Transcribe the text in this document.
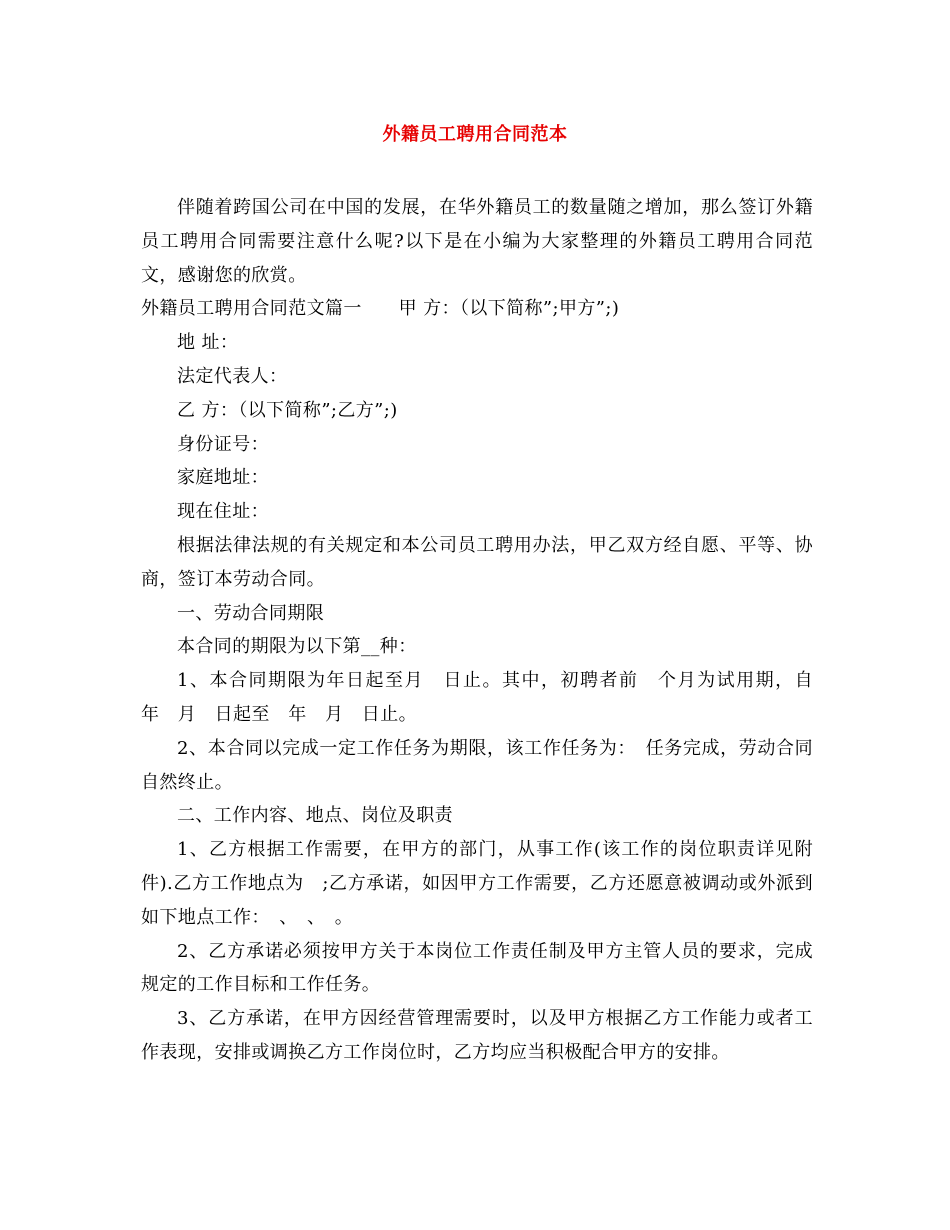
外籍员工聘用合同范本

伴随着跨国公司在中国的发展，在华外籍员工的数量随之增加，那么签订外籍员工聘用合同需要注意什么呢?以下是在小编为大家整理的外籍员工聘用合同范文，感谢您的欣赏。

外籍员工聘用合同范文篇一　　甲 方：（以下简称”;甲方”;)

地 址：

法定代表人：

乙 方：（以下简称”;乙方”;)

身份证号：

家庭地址：

现在住址：

根据法律法规的有关规定和本公司员工聘用办法，甲乙双方经自愿、平等、协商，签订本劳动合同。

一、劳动合同期限

本合同的期限为以下第__种：

1、本合同期限为年日起至月　日止。其中，初聘者前　个月为试用期，自　年　月　日起至　年　月　日止。

2、本合同以完成一定工作任务为期限，该工作任务为：　任务完成，劳动合同自然终止。

二、工作内容、地点、岗位及职责

1、乙方根据工作需要，在甲方的部门，从事工作(该工作的岗位职责详见附件).乙方工作地点为　;乙方承诺，如因甲方工作需要，乙方还愿意被调动或外派到如下地点工作：　、　、　。

2、乙方承诺必须按甲方关于本岗位工作责任制及甲方主管人员的要求，完成规定的工作目标和工作任务。

3、乙方承诺，在甲方因经营管理需要时，以及甲方根据乙方工作能力或者工作表现，安排或调换乙方工作岗位时，乙方均应当积极配合甲方的安排。
